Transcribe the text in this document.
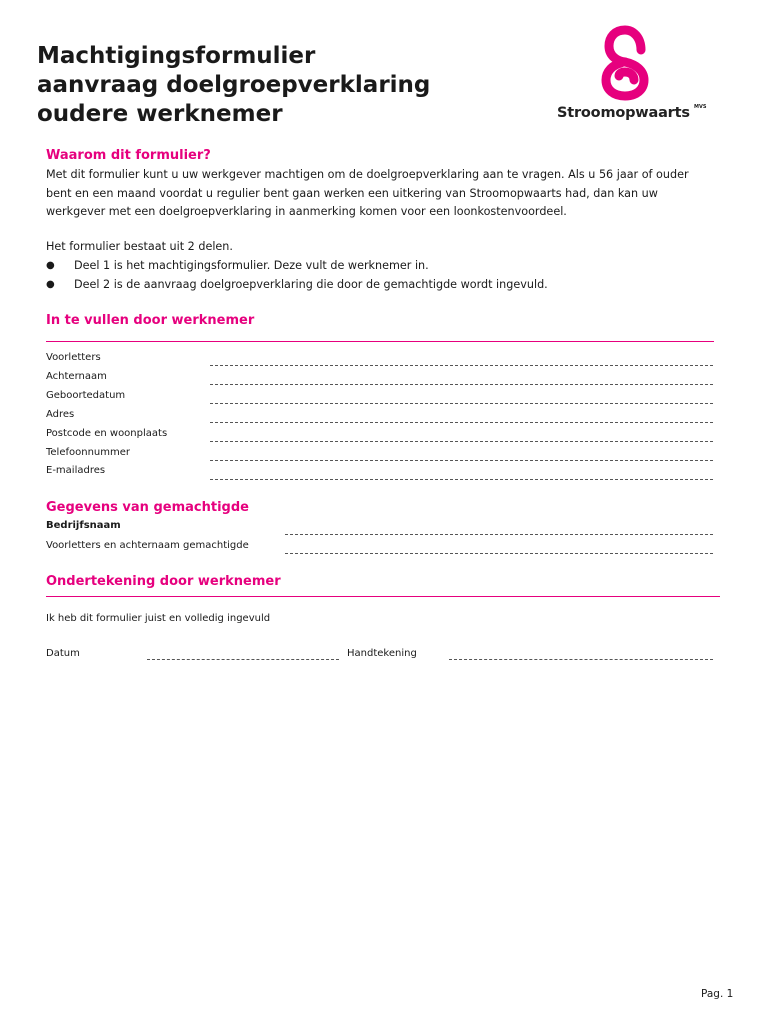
Machtigingsformulier
aanvraag doelgroepverklaring
oudere werknemer	Stroomopwaarts MVS
Waarom dit formulier?
Met dit formulier kunt u uw werkgever machtigen om de doelgroepverklaring aan te vragen. Als u 56 jaar of ouder
bent en een maand voordat u regulier bent gaan werken een uitkering van Stroomopwaarts had, dan kan uw
werkgever met een doelgroepverklaring in aanmerking komen voor een loonkostenvoordeel.
Het formulier bestaat uit 2 delen.
● Deel 1 is het machtigingsformulier. Deze vult de werknemer in.
● Deel 2 is de aanvraag doelgroepverklaring die door de gemachtigde wordt ingevuld.
In te vullen door werknemer
Voorletters
Achternaam
Geboortedatum
Adres
Postcode en woonplaats
Telefoonnummer
E-mailadres
Gegevens van gemachtigde
Bedrijfsnaam
Voorletters en achternaam gemachtigde
Ondertekening door werknemer
Ik heb dit formulier juist en volledig ingevuld
Datum	Handtekening
Pag. 1
